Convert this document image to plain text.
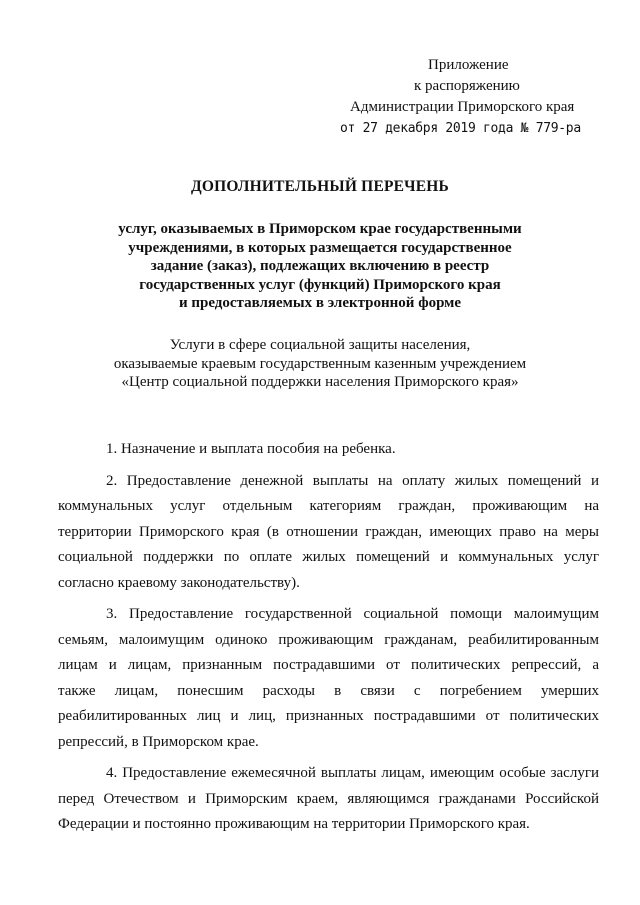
Приложение
к распоряжению
Администрации Приморского края
от 27 декабря 2019 года № 779-ра
ДОПОЛНИТЕЛЬНЫЙ ПЕРЕЧЕНЬ
услуг, оказываемых в Приморском крае государственными
учреждениями, в которых размещается государственное
задание (заказ), подлежащих включению в реестр
государственных услуг (функций) Приморского края
и предоставляемых в электронной форме
Услуги в сфере социальной защиты населения,
оказываемые краевым государственным казенным учреждением
«Центр социальной поддержки населения Приморского края»
1. Назначение и выплата пособия на ребенка.
2. Предоставление денежной выплаты на оплату жилых помещений и
коммунальных услуг отдельным категориям граждан, проживающим на
территории Приморского края (в отношении граждан, имеющих право на меры
социальной поддержки по оплате жилых помещений и коммунальных услуг
согласно краевому законодательству).
3. Предоставление государственной социальной помощи малоимущим
семьям, малоимущим одиноко проживающим гражданам, реабилитированным
лицам и лицам, признанным пострадавшими от политических репрессий, а
также лицам, понесшим расходы в связи с погребением умерших
реабилитированных лиц и лиц, признанных пострадавшими от политических
репрессий, в Приморском крае.
4. Предоставление ежемесячной выплаты лицам, имеющим особые заслуги
перед Отечеством и Приморским краем, являющимся гражданами Российской
Федерации и постоянно проживающим на территории Приморского края.
